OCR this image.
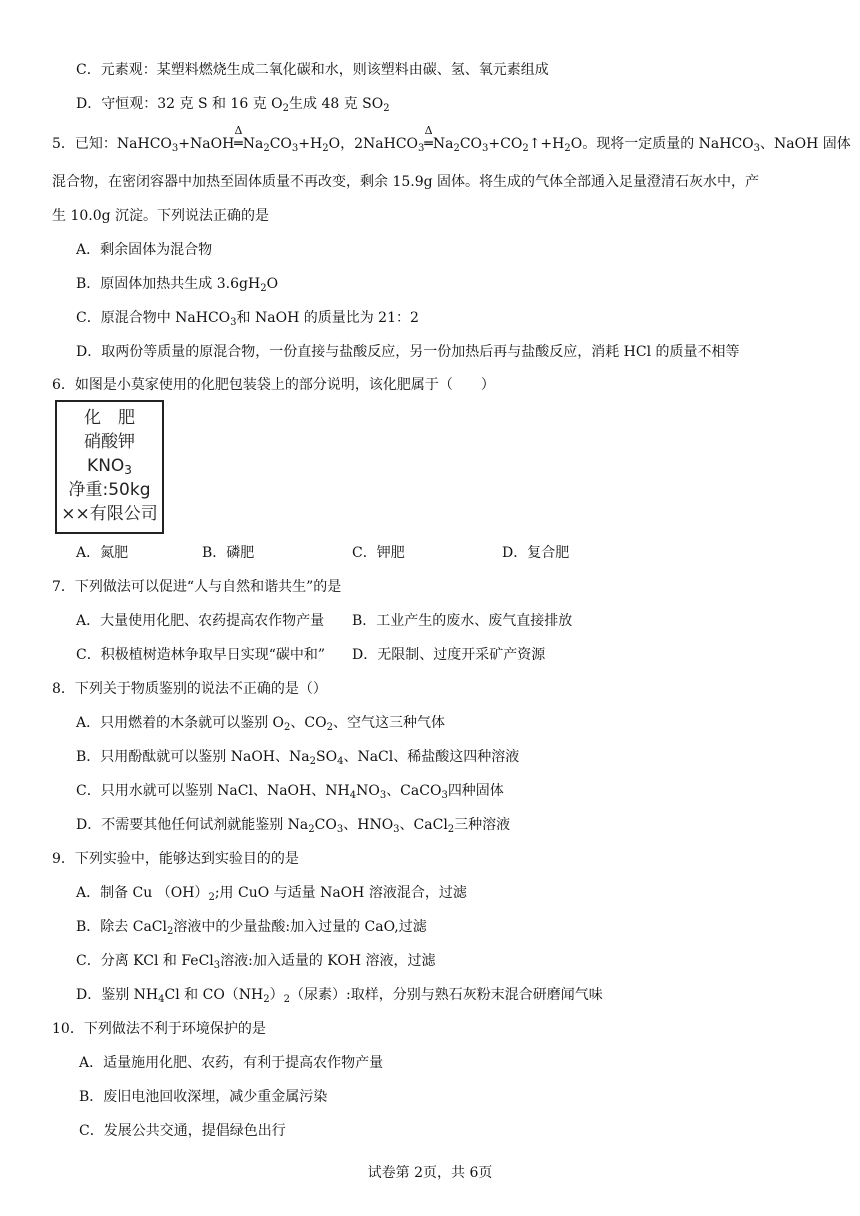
C．元素观：某塑料燃烧生成二氧化碳和水，则该塑料由碳、氢、氧元素组成
D．守恒观：32 克 S 和 16 克 $O_2$生成 48 克 $SO_2$
5．已知：NaHCO$_3$+NaOH
Δ
$═Na_2CO_3+H_2O$，2NaHCO$_3$
Δ
$═Na_2CO_3+CO_2↑+H_2O$。现将一定质量的 NaHCO$_3$、NaOH 固体
混合物，在密闭容器中加热至固体质量不再改变，剩余 15.9g 固体。将生成的气体全部通入足量澄清石灰水中，产
生 10.0g 沉淀。下列说法正确的是
A．剩余固体为混合物
B．原固体加热共生成 $3.6gH_2O$
C．原混合物中 NaHCO$_3$和 NaOH 的质量比为 21：2
D．取两份等质量的原混合物，一份直接与盐酸反应，另一份加热后再与盐酸反应，消耗 HCl 的质量不相等
6．如图是小莫家使用的化肥包装袋上的部分说明，该化肥属于（　　）
化　肥
硝酸钾
$KNO_3$
净重:50kg
××有限公司
A．氮肥	B．磷肥	C．钾肥	D．复合肥
7．下列做法可以促进“人与自然和谐共生”的是
A．大量使用化肥、农药提高农作物产量 B．工业产生的废水、废气直接排放
C．积极植树造林争取早日实现“碳中和” D．无限制、过度开采矿产资源
8．下列关于物质鉴别的说法不正确的是（）
A．只用燃着的木条就可以鉴别 $O_2$、$CO_2$、空气这三种气体
B．只用酚酞就可以鉴别 NaOH、$Na_2SO_4$、NaCl、稀盐酸这四种溶液
C．只用水就可以鉴别 NaCl、NaOH、$NH_4NO_3$、CaCO$_3$四种固体
D．不需要其他任何试剂就能鉴别 $Na_2CO_3$、$HNO_3$、CaCl$_2$三种溶液
9．下列实验中，能够达到实验目的的是
A．制备 Cu $(OH)_2$;用 CuO 与适量 NaOH 溶液混合，过滤
B．除去 CaCl$_2$溶液中的少量盐酸:加入过量的 CaO,过滤
C．分离 KCl 和 FeCl$_3$溶液:加入适量的 KOH 溶液，过滤
D．鉴别 $NH_4Cl$ 和 $CO(NH_2)_2$（尿素）:取样，分别与熟石灰粉末混合研磨闻气味
10．下列做法不利于环境保护的是
A．适量施用化肥、农药，有利于提高农作物产量
B．废旧电池回收深埋，减少重金属污染
C．发展公共交通，提倡绿色出行
试卷第 2页，共 6页
